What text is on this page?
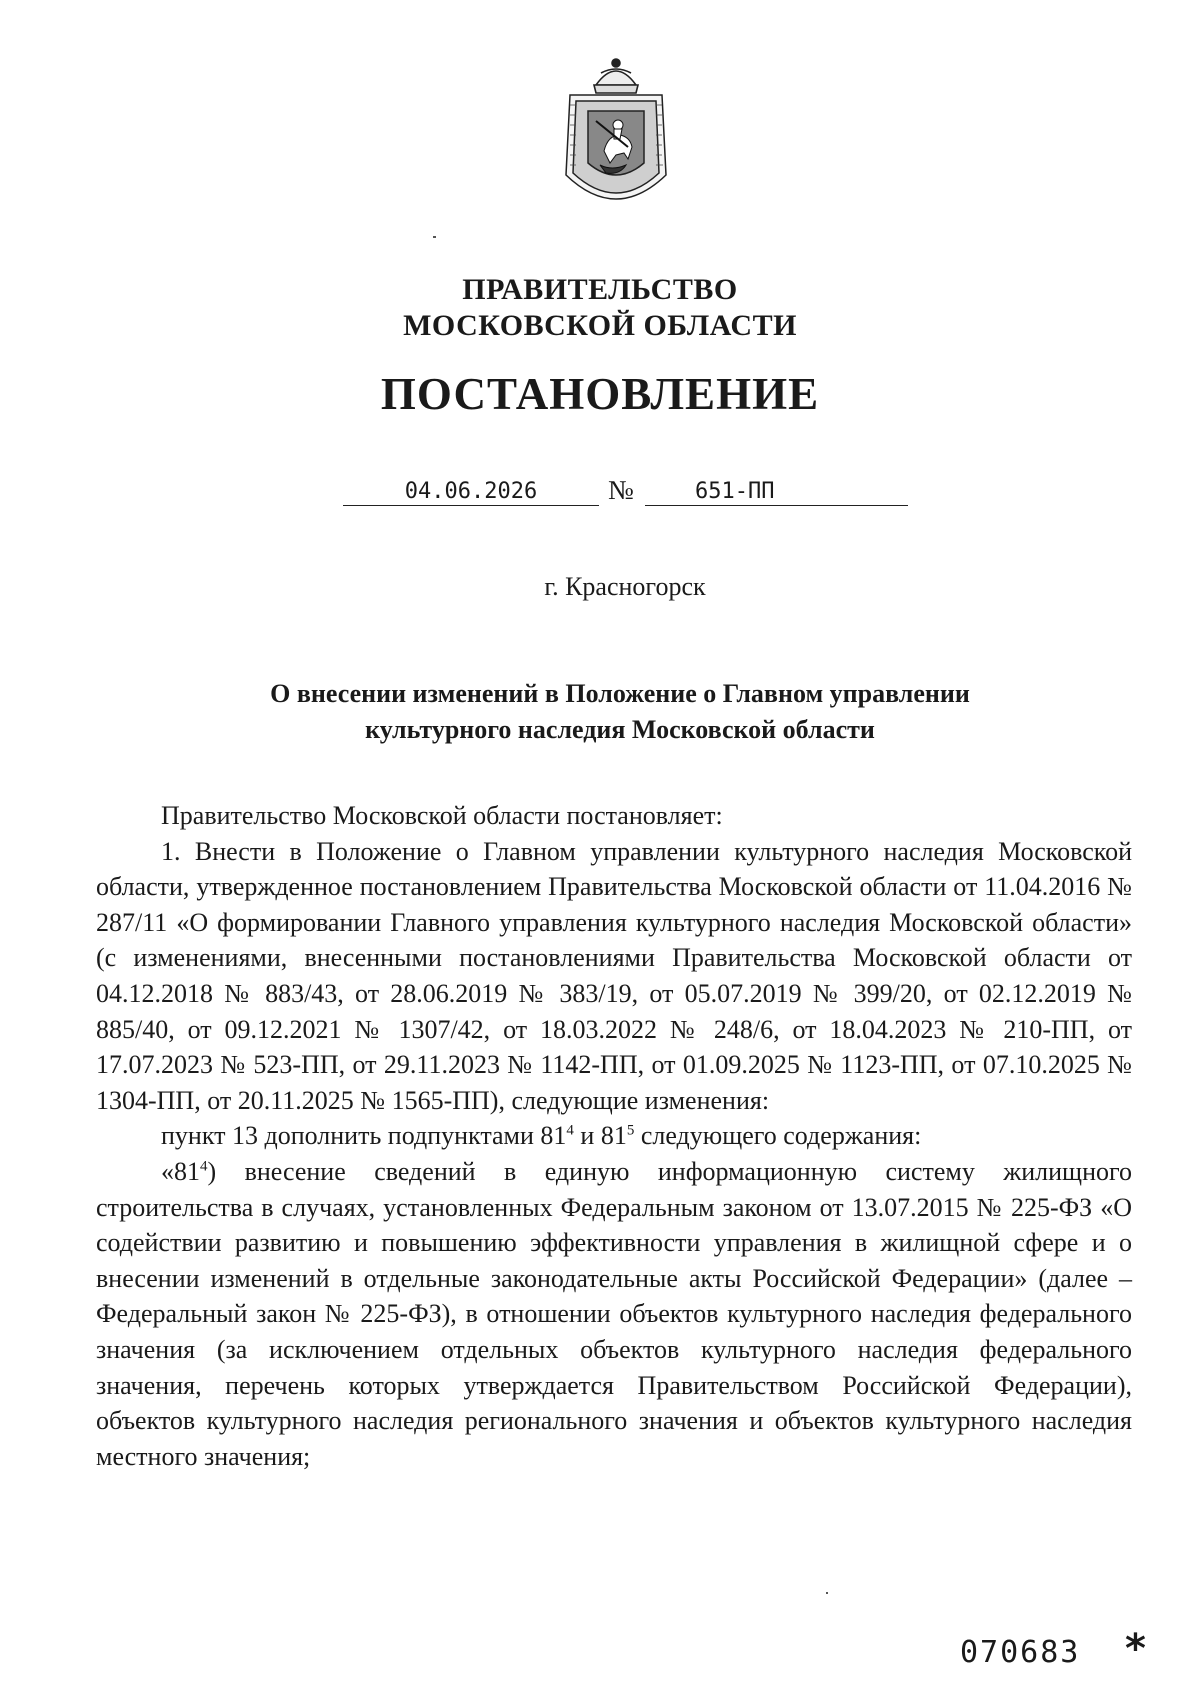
ПРАВИТЕЛЬСТВО
МОСКОВСКОЙ ОБЛАСТИ
ПОСТАНОВЛЕНИЕ
04.06.2026	№	651-ПП
г. Красногорск
О внесении изменений в Положение о Главном управлении
культурного наследия Московской области

Правительство Московской области постановляет:

1. Внести в Положение о Главном управлении культурного наследия Московской области, утвержденное постановлением Правительства Московской области от 11.04.2016 № 287/11 «О формировании Главного управления культурного наследия Московской области» (с изменениями, внесенными постановлениями Правительства Московской области от 04.12.2018 № 883/43, от 28.06.2019 № 383/19, от 05.07.2019 № 399/20, от 02.12.2019 № 885/40, от 09.12.2021 № 1307/42, от 18.03.2022 № 248/6, от 18.04.2023 № 210-ПП, от 17.07.2023 № 523-ПП, от 29.11.2023 № 1142-ПП, от 01.09.2025 № 1123-ПП, от 07.10.2025 № 1304-ПП, от 20.11.2025 № 1565-ПП), следующие изменения:

пункт 13 дополнить подпунктами $81^4$ и $81^5$ следующего содержания:

«$81^4$) внесение сведений в единую информационную систему жилищного строительства в случаях, установленных Федеральным законом от 13.07.2015 № 225-ФЗ «О содействии развитию и повышению эффективности управления в жилищной сфере и о внесении изменений в отдельные законодательные акты Российской Федерации» (далее – Федеральный закон № 225-ФЗ), в отношении объектов культурного наследия федерального значения (за исключением отдельных объектов культурного наследия федерального значения, перечень которых утверждается Правительством Российской Федерации), объектов культурного наследия регионального значения и объектов культурного наследия местного значения;

070683 *
